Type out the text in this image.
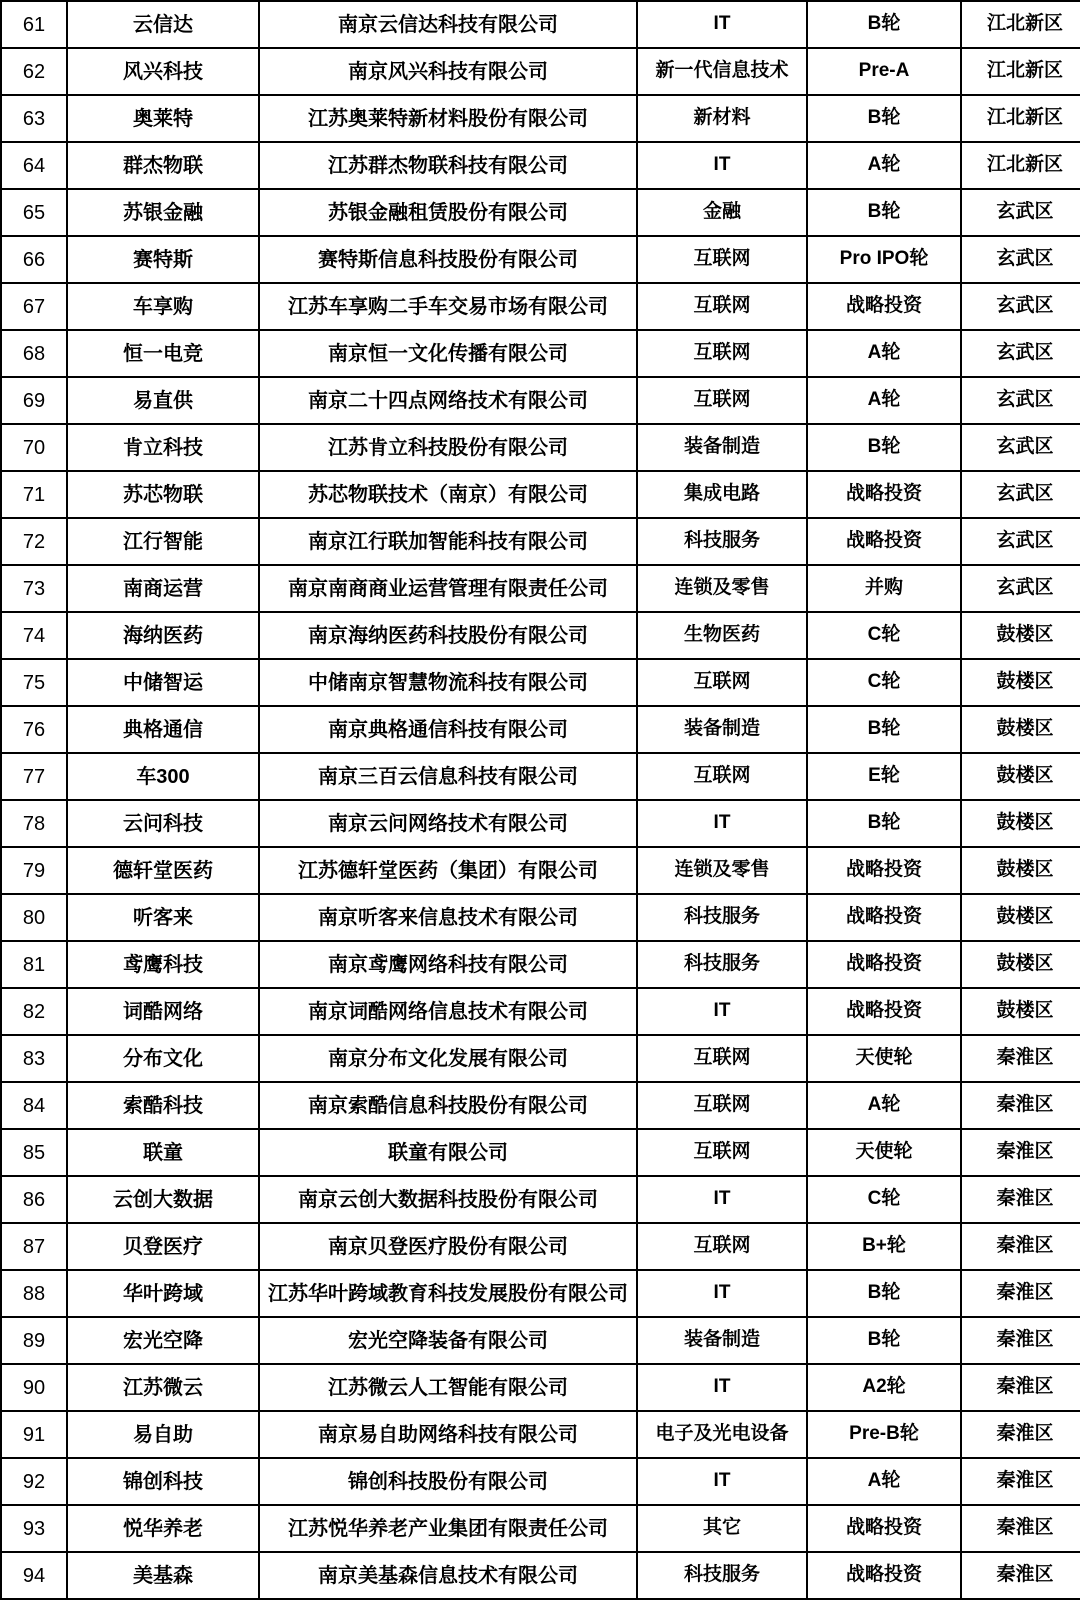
61	云信达	南京云信达科技有限公司	IT	B轮	江北新区
62	风兴科技	南京风兴科技有限公司	新一代信息技术	Pre-A	江北新区
63	奥莱特	江苏奥莱特新材料股份有限公司	新材料	B轮	江北新区
64	群杰物联	江苏群杰物联科技有限公司	IT	A轮	江北新区
65	苏银金融	苏银金融租赁股份有限公司	金融	B轮	玄武区
66	赛特斯	赛特斯信息科技股份有限公司	互联网	Pro IPO轮	玄武区
67	车享购	江苏车享购二手车交易市场有限公司	互联网	战略投资	玄武区
68	恒一电竞	南京恒一文化传播有限公司	互联网	A轮	玄武区
69	易直供	南京二十四点网络技术有限公司	互联网	A轮	玄武区
70	肯立科技	江苏肯立科技股份有限公司	装备制造	B轮	玄武区
71	苏芯物联	苏芯物联技术（南京）有限公司	集成电路	战略投资	玄武区
72	江行智能	南京江行联加智能科技有限公司	科技服务	战略投资	玄武区
73	南商运营	南京南商商业运营管理有限责任公司	连锁及零售	并购	玄武区
74	海纳医药	南京海纳医药科技股份有限公司	生物医药	C轮	鼓楼区
75	中储智运	中储南京智慧物流科技有限公司	互联网	C轮	鼓楼区
76	典格通信	南京典格通信科技有限公司	装备制造	B轮	鼓楼区
77	车300	南京三百云信息科技有限公司	互联网	E轮	鼓楼区
78	云问科技	南京云问网络技术有限公司	IT	B轮	鼓楼区
79	德轩堂医药	江苏德轩堂医药（集团）有限公司	连锁及零售	战略投资	鼓楼区
80	听客来	南京听客来信息技术有限公司	科技服务	战略投资	鼓楼区
81	鸢鹰科技	南京鸢鹰网络科技有限公司	科技服务	战略投资	鼓楼区
82	词酷网络	南京词酷网络信息技术有限公司	IT	战略投资	鼓楼区
83	分布文化	南京分布文化发展有限公司	互联网	天使轮	秦淮区
84	索酷科技	南京索酷信息科技股份有限公司	互联网	A轮	秦淮区
85	联童	联童有限公司	互联网	天使轮	秦淮区
86	云创大数据	南京云创大数据科技股份有限公司	IT	C轮	秦淮区
87	贝登医疗	南京贝登医疗股份有限公司	互联网	B+轮	秦淮区
88	华叶跨域	江苏华叶跨域教育科技发展股份有限公司	IT	B轮	秦淮区
89	宏光空降	宏光空降装备有限公司	装备制造	B轮	秦淮区
90	江苏微云	江苏微云人工智能有限公司	IT	A2轮	秦淮区
91	易自助	南京易自助网络科技有限公司	电子及光电设备	Pre-B轮	秦淮区
92	锦创科技	锦创科技股份有限公司	IT	A轮	秦淮区
93	悦华养老	江苏悦华养老产业集团有限责任公司	其它	战略投资	秦淮区
94	美基森	南京美基森信息技术有限公司	科技服务	战略投资	秦淮区
